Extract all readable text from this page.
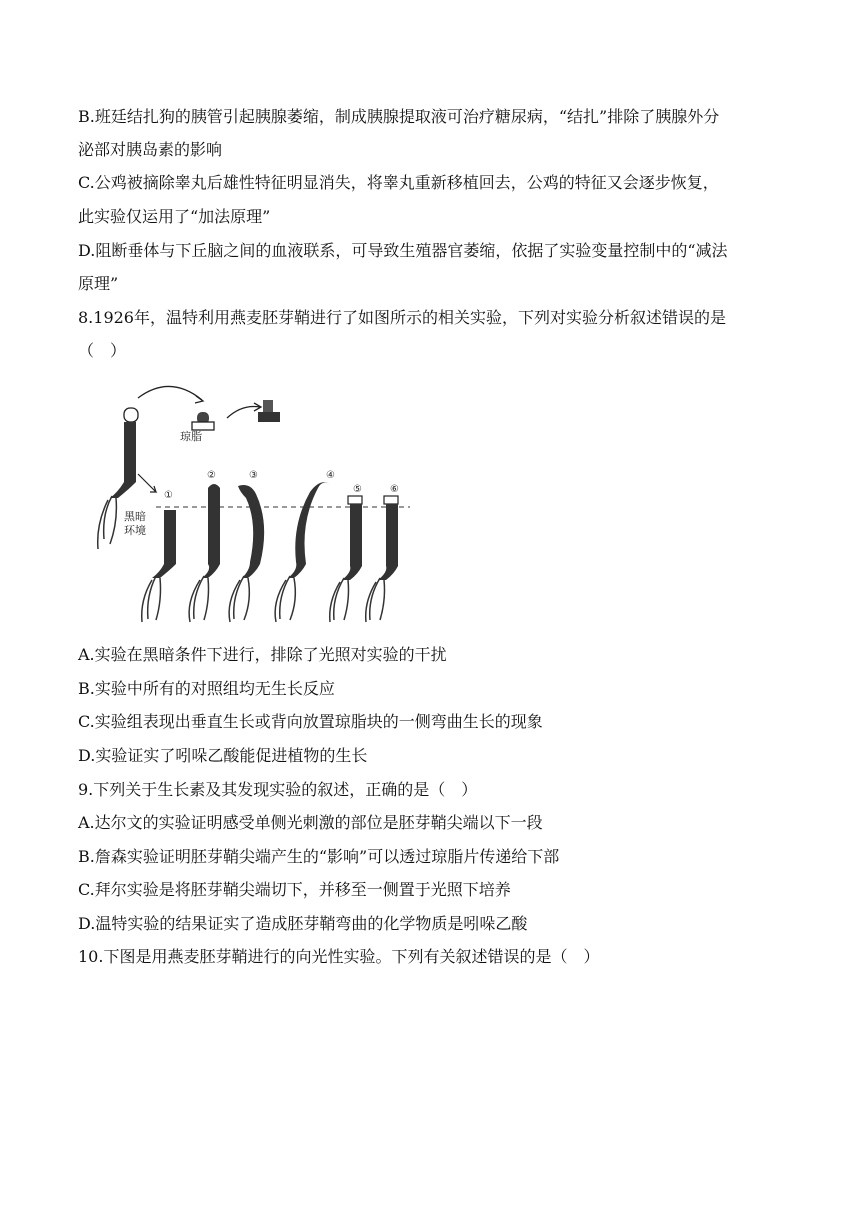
B.班廷结扎狗的胰管引起胰腺萎缩，制成胰腺提取液可治疗糖尿病，“结扎”排除了胰腺外分
泌部对胰岛素的影响
C.公鸡被摘除睾丸后雄性特征明显消失，将睾丸重新移植回去，公鸡的特征又会逐步恢复，
此实验仅运用了“加法原理”
D.阻断垂体与下丘脑之间的血液联系，可导致生殖器官萎缩，依据了实验变量控制中的“减法
原理”
8.1926年，温特利用燕麦胚芽鞘进行了如图所示的相关实验，下列对实验分析叙述错误的是
（　）
琼脂
黑暗
环境
①
②	③	④
⑤	⑥
A.实验在黑暗条件下进行，排除了光照对实验的干扰
B.实验中所有的对照组均无生长反应
C.实验组表现出垂直生长或背向放置琼脂块的一侧弯曲生长的现象
D.实验证实了吲哚乙酸能促进植物的生长
9.下列关于生长素及其发现实验的叙述，正确的是（　）
A.达尔文的实验证明感受单侧光刺激的部位是胚芽鞘尖端以下一段
B.詹森实验证明胚芽鞘尖端产生的“影响”可以透过琼脂片传递给下部
C.拜尔实验是将胚芽鞘尖端切下，并移至一侧置于光照下培养
D.温特实验的结果证实了造成胚芽鞘弯曲的化学物质是吲哚乙酸
10.下图是用燕麦胚芽鞘进行的向光性实验。下列有关叙述错误的是（　）
